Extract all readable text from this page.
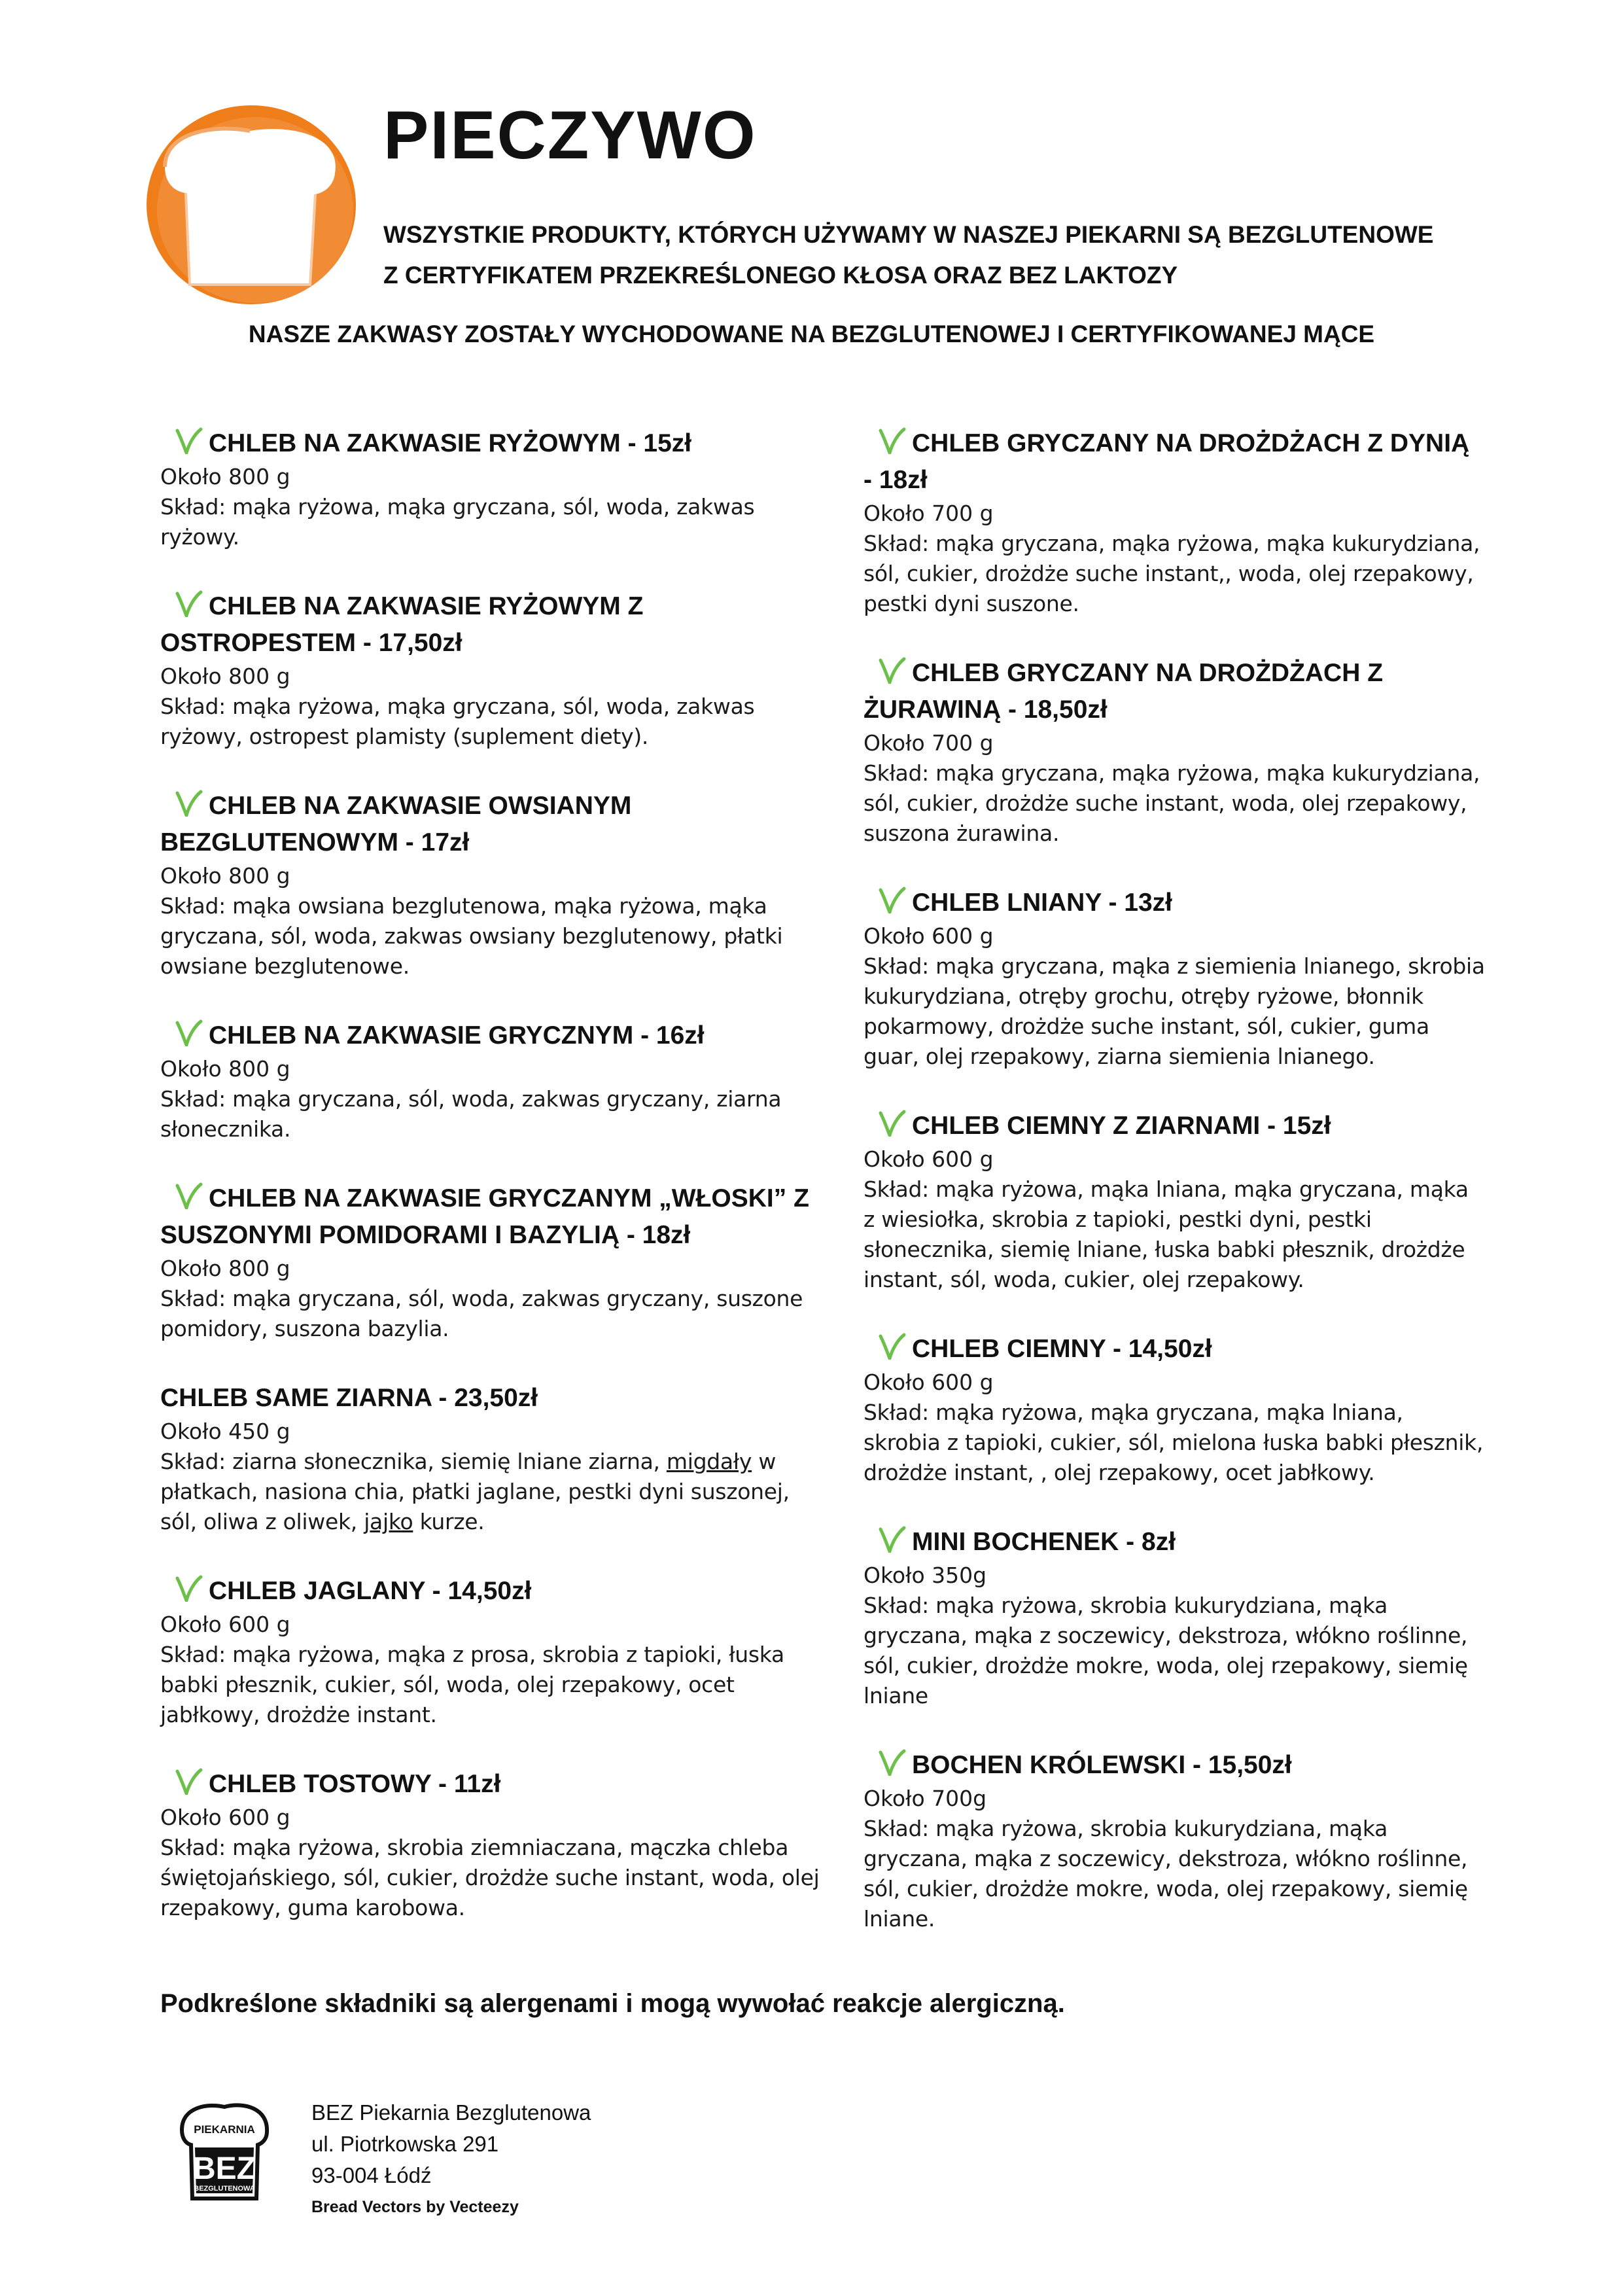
PIECZYWO
WSZYSTKIE PRODUKTY, KTÓRYCH UŻYWAMY W NASZEJ PIEKARNI SĄ BEZGLUTENOWE
Z CERTYFIKATEM PRZEKREŚLONEGO KŁOSA ORAZ BEZ LAKTOZY

NASZE ZAKWASY ZOSTAŁY WYCHODOWANE NA BEZGLUTENOWEJ I CERTYFIKOWANEJ MĄCE

CHLEB NA ZAKWASIE RYŻOWYM - 15zł

Około 800 g

Skład: mąka ryżowa, mąka gryczana, sól, woda, zakwas ryżowy.

CHLEB NA ZAKWASIE RYŻOWYM Z OSTROPESTEM - 17,50zł

Około 800 g

Skład: mąka ryżowa, mąka gryczana, sól, woda, zakwas ryżowy, ostropest plamisty (suplement diety).

CHLEB NA ZAKWASIE OWSIANYM BEZGLUTENOWYM - 17zł

Około 800 g

Skład: mąka owsiana bezglutenowa, mąka ryżowa, mąka gryczana, sól, woda, zakwas owsiany bezglutenowy, płatki owsiane bezglutenowe.

CHLEB NA ZAKWASIE GRYCZNYM - 16zł

Około 800 g

Skład: mąka gryczana, sól, woda, zakwas gryczany, ziarna słonecznika.

CHLEB NA ZAKWASIE GRYCZANYM „WŁOSKI” Z SUSZONYMI POMIDORAMI I BAZYLIĄ - 18zł

Około 800 g

Skład: mąka gryczana, sól, woda, zakwas gryczany, suszone pomidory, suszona bazylia.

CHLEB SAME ZIARNA - 23,50zł

Około 450 g

Skład: ziarna słonecznika, siemię lniane ziarna, migdały w płatkach, nasiona chia, płatki jaglane, pestki dyni suszonej, sól, oliwa z oliwek, jajko kurze.

CHLEB JAGLANY - 14,50zł

Około 600 g

Skład: mąka ryżowa, mąka z prosa, skrobia z tapioki, łuska babki płesznik, cukier, sól, woda, olej rzepakowy, ocet jabłkowy, drożdże instant.

CHLEB TOSTOWY - 11zł

Około 600 g

Skład: mąka ryżowa, skrobia ziemniaczana, mączka chleba świętojańskiego, sól, cukier, drożdże suche instant, woda, olej rzepakowy, guma karobowa.

CHLEB GRYCZANY NA DROŻDŻACH Z DYNIĄ - 18zł

Około 700 g

Skład: mąka gryczana, mąka ryżowa, mąka kukurydziana, sól, cukier, drożdże suche instant,, woda, olej rzepakowy, pestki dyni suszone.

CHLEB GRYCZANY NA DROŻDŻACH Z ŻURAWINĄ - 18,50zł

Około 700 g

Skład: mąka gryczana, mąka ryżowa, mąka kukurydziana, sól, cukier, drożdże suche instant, woda, olej rzepakowy, suszona żurawina.

CHLEB LNIANY - 13zł

Około 600 g

Skład: mąka gryczana, mąka z siemienia lnianego, skrobia kukurydziana, otręby grochu, otręby ryżowe, błonnik pokarmowy, drożdże suche instant, sól, cukier, guma guar, olej rzepakowy, ziarna siemienia lnianego.

CHLEB CIEMNY Z ZIARNAMI - 15zł

Około 600 g

Skład: mąka ryżowa, mąka lniana, mąka gryczana, mąka z wiesiołka, skrobia z tapioki, pestki dyni, pestki słonecznika, siemię lniane, łuska babki płesznik, drożdże instant, sól, woda, cukier, olej rzepakowy.

CHLEB CIEMNY - 14,50zł

Około 600 g

Skład: mąka ryżowa, mąka gryczana, mąka lniana, skrobia z tapioki, cukier, sól, mielona łuska babki płesznik, drożdże instant, , olej rzepakowy, ocet jabłkowy.

MINI BOCHENEK - 8zł

Około 350g

Skład: mąka ryżowa, skrobia kukurydziana, mąka gryczana, mąka z soczewicy, dekstroza, włókno roślinne, sól, cukier, drożdże mokre, woda, olej rzepakowy, siemię lniane

BOCHEN KRÓLEWSKI - 15,50zł

Około 700g

Skład: mąka ryżowa, skrobia kukurydziana, mąka gryczana, mąka z soczewicy, dekstroza, włókno roślinne, sól, cukier, drożdże mokre, woda, olej rzepakowy, siemię lniane.

Podkreślone składniki są alergenami i mogą wywołać reakcje alergiczną.

PIEKARNIA
BEZ
BEZGLUTENOWA
BEZ Piekarnia Bezglutenowa
ul. Piotrkowska 291
93-004 Łódź
Bread Vectors by Vecteezy
